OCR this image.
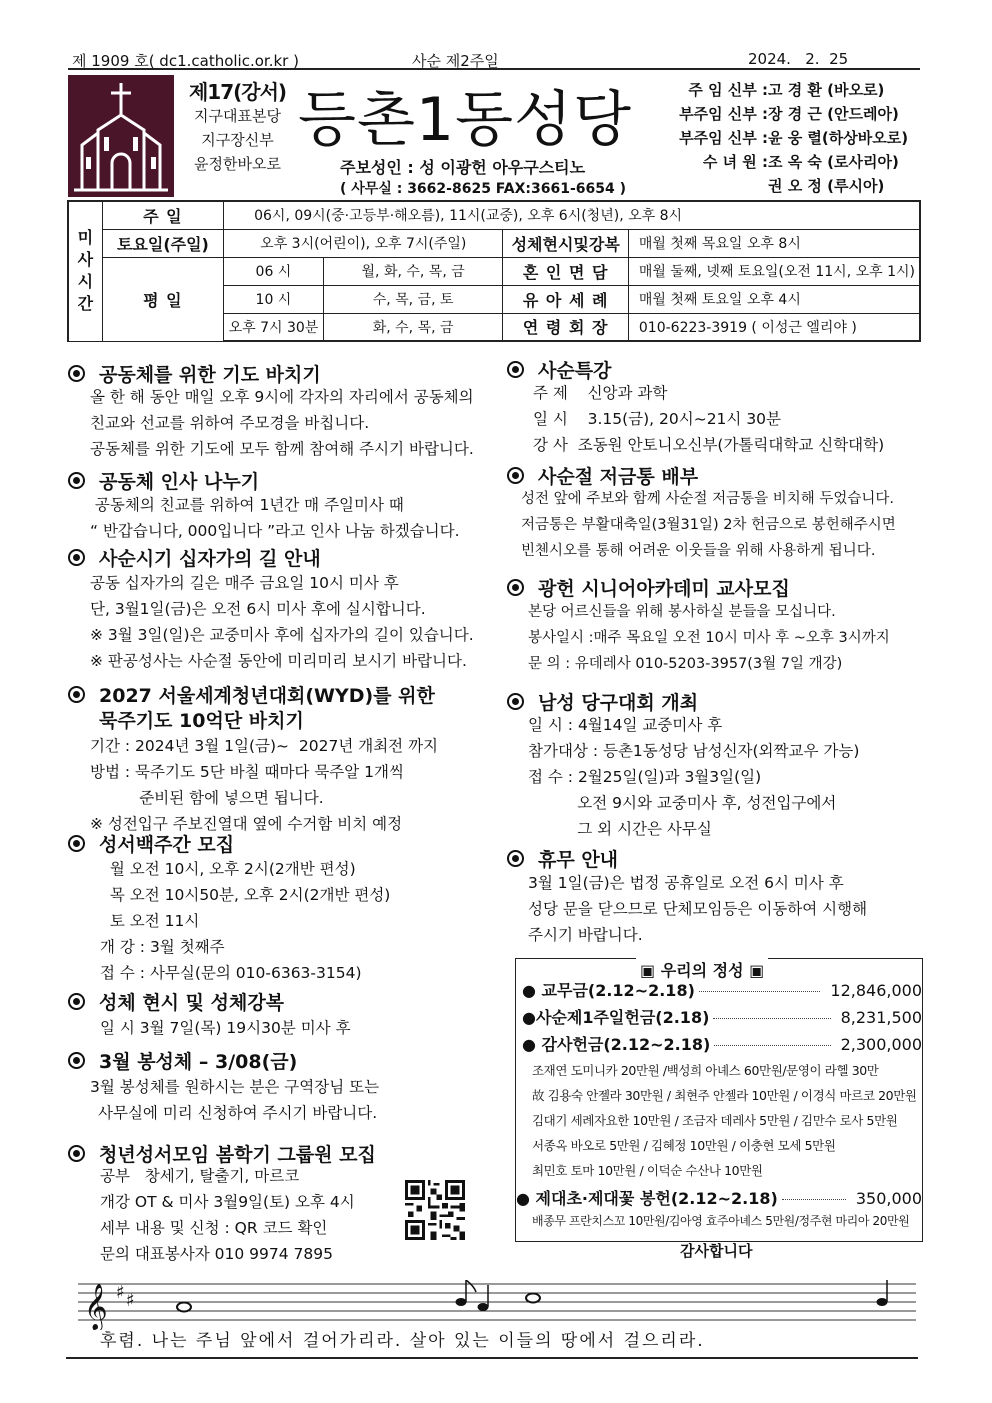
제 1909 호( dc1.catholic.or.kr )	사순 제2주일	2024.   2.  25
제17(강서)
지구대표본당
지구장신부
윤정한바오로
등촌1동성당
주보성인 : 성 이광헌 아우구스티노
( 사무실 : 3662-8625 FAX:3661-6654 )
주 임 신부 : 고 경 환 (바오로)
부주임 신부 : 장 경 근 (안드레아)
부주임 신부 : 윤 웅 렬(하상바오로)
수 녀 원 : 조 옥 숙 (로사리아)
권 오 정 (루시아)
미사시간	주 일	06시, 09시(중·고등부·해오름), 11시(교중), 오후 6시(청년), 오후 8시			
	토요일(주일)	오후 3시(어린이), 오후 7시(주일)		성체현시및강복	매월 첫째 목요일 오후 8시
	평 일	06 시	월, 화, 수, 목, 금	혼 인 면 담	매월 둘째, 넷째 토요일(오전 11시, 오후 1시)
		10 시	수, 목, 금, 토	유 아 세 례	매월 첫째 토요일 오후 4시
		오후 7시 30분	화, 수, 목, 금	연 령 회 장	010-6223-3919 ( 이성근 엘리야 )
공동체를 위한 기도 바치기
올 한 해 동안 매일 오후 9시에 각자의 자리에서 공동체의
친교와 선교를 위하여 주모경을 바칩니다.
공동체를 위한 기도에 모두 함께 참여해 주시기 바랍니다.
공동체 인사 나누기
공동체의 친교를 위하여 1년간 매 주일미사 때
“ 반갑습니다, 000입니다 ”라고 인사 나눔 하겠습니다.
사순시기 십자가의 길 안내
공동 십자가의 길은 매주 금요일 10시 미사 후
단, 3월1일(금)은 오전 6시 미사 후에 실시합니다.
※ 3월 3일(일)은 교중미사 후에 십자가의 길이 있습니다.
※ 판공성사는 사순절 동안에 미리미리 보시기 바랍니다.
2027 서울세계청년대회(WYD)를 위한
묵주기도 10억단 바치기
기간 : 2024년 3월 1일(금)~  2027년 개최전 까지
방법 : 묵주기도 5단 바칠 때마다 묵주알 1개씩
준비된 함에 넣으면 됩니다.
※ 성전입구 주보진열대 옆에 수거함 비치 예정
성서백주간 모집
월 오전 10시, 오후 2시(2개반 편성)
목 오전 10시50분, 오후 2시(2개반 편성)
토 오전 11시
개 강 : 3월 첫째주
접 수 : 사무실(문의 010-6363-3154)
성체 현시 및 성체강복
일 시 3월 7일(목) 19시30분 미사 후
3월 봉성체 – 3/08(금)
3월 봉성체를 원하시는 분은 구역장님 또는
사무실에 미리 신청하여 주시기 바랍니다.
청년성서모임 봄학기 그룹원 모집
공부   창세기, 탈출기, 마르코
개강 OT & 미사 3월9일(토) 오후 4시
세부 내용 및 신청 : QR 코드 확인
문의 대표봉사자 010 9974 7895
사순특강
주 제    신앙과 과학
일 시    3.15(금), 20시~21시 30분
강 사  조동원 안토니오신부(가톨릭대학교 신학대학)
사순절 저금통 배부
성전 앞에 주보와 함께 사순절 저금통을 비치해 두었습니다.
저금통은 부활대축일(3월31일) 2차 헌금으로 봉헌해주시면
빈첸시오를 통해 어려운 이웃들을 위해 사용하게 됩니다.
광헌 시니어아카데미 교사모집
본당 어르신들을 위해 봉사하실 분들을 모십니다.
봉사일시 :매주 목요일 오전 10시 미사 후 ~오후 3시까지
문 의 : 유데레사 010-5203-3957(3월 7일 개강)
남성 당구대회 개최
일 시 : 4월14일 교중미사 후
참가대상 : 등촌1동성당 남성신자(외짝교우 가능)
접 수 : 2월25일(일)과 3월3일(일)
오전 9시와 교중미사 후, 성전입구에서
그 외 시간은 사무실
휴무 안내
3월 1일(금)은 법정 공휴일로 오전 6시 미사 후
성당 문을 닫으므로 단체모임등은 이동하여 시행해
주시기 바랍니다.
▣ 우리의 정성 ▣
● 교무금(2.12~2.18)	12,846,000
●사순제1주일헌금(2.18)	8,231,500
● 감사헌금(2.12~2.18)	2,300,000
조재연 도미니카 20만원 /백성희 아녜스 60만원/문영이 라헬 30만
故 김용숙 안젤라 30만원 / 최현주 안젤라 10만원 / 이경식 마르코 20만원
김대기 세례자요한 10만원 / 조금자 데레사 5만원 / 김만수 로사 5만원
서종옥 바오로 5만원 / 김혜정 10만원 / 이충현 모세 5만원
최민호 토마 10만원 / 이덕순 수산나 10만원
● 제대초·제대꽃 봉헌(2.12~2.18)	350,000
배종무 프란치스꼬 10만원/김아영 효주아녜스 5만원/정주현 마리아 20만원
감사합니다
𝄞 ♯ ♯
후렴. 나는 주님 앞에서 걸어가리라. 살아 있는 이들의 땅에서 걸으리라.
